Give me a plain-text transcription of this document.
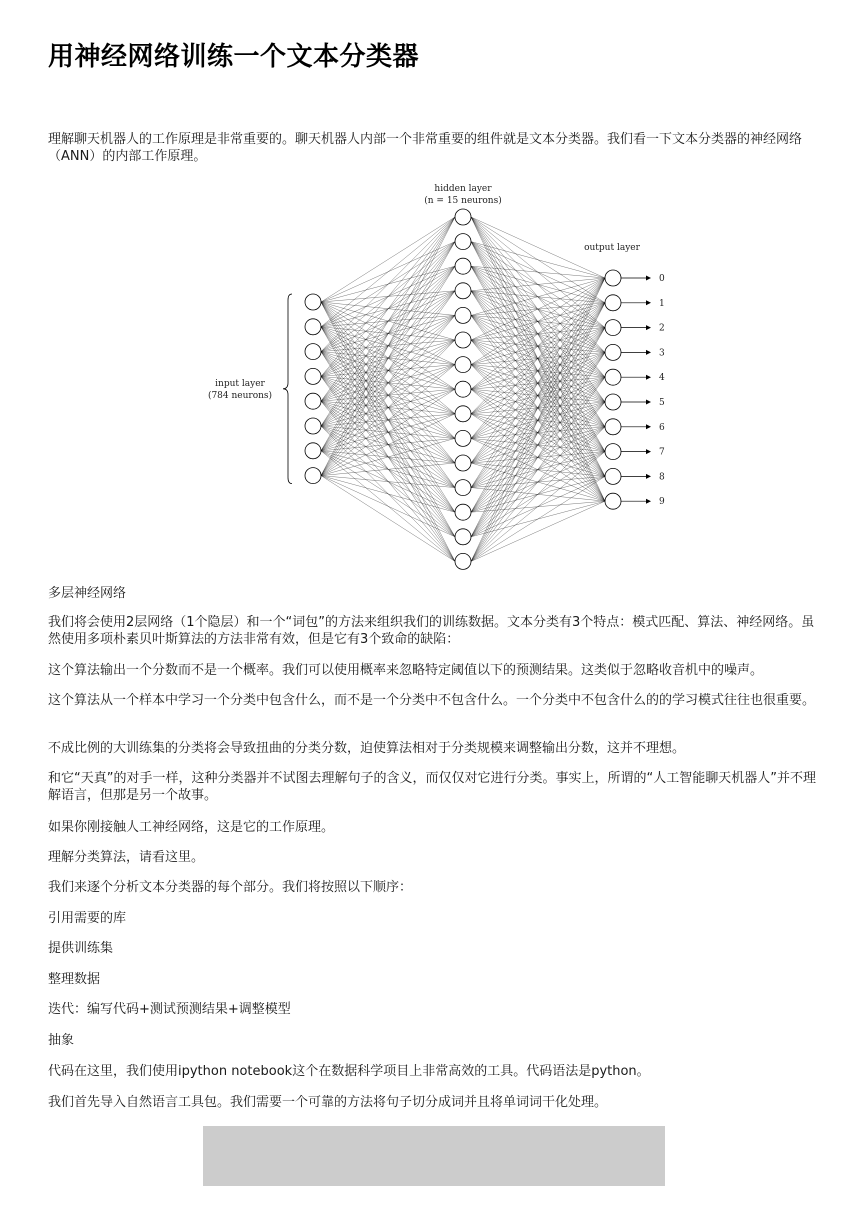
用神经网络训练一个文本分类器

理解聊天机器人的工作原理是非常重要的。聊天机器人内部一个非常重要的组件就是文本分类器。我们看一下文本分类器的神经网络（ANN）的内部工作原理。

hidden layer
(n = 15 neurons)
output layer
input layer
(784 neurons)
0
1
2
3
4
5
6
7
8
9

多层神经网络

我们将会使用2层网络（1个隐层）和一个“词包”的方法来组织我们的训练数据。文本分类有3个特点：模式匹配、算法、神经网络。虽然使用多项朴素贝叶斯算法的方法非常有效，但是它有3个致命的缺陷：

这个算法输出一个分数而不是一个概率。我们可以使用概率来忽略特定阈值以下的预测结果。这类似于忽略收音机中的噪声。

这个算法从一个样本中学习一个分类中包含什么，而不是一个分类中不包含什么。一个分类中不包含什么的的学习模式往往也很重要。

不成比例的大训练集的分类将会导致扭曲的分类分数，迫使算法相对于分类规模来调整输出分数，这并不理想。

和它“天真”的对手一样，这种分类器并不试图去理解句子的含义，而仅仅对它进行分类。事实上，所谓的“人工智能聊天机器人”并不理解语言，但那是另一个故事。

如果你刚接触人工神经网络，这是它的工作原理。

理解分类算法，请看这里。

我们来逐个分析文本分类器的每个部分。我们将按照以下顺序：

引用需要的库

提供训练集

整理数据

迭代：编写代码+测试预测结果+调整模型

抽象

代码在这里，我们使用ipython notebook这个在数据科学项目上非常高效的工具。代码语法是python。

我们首先导入自然语言工具包。我们需要一个可靠的方法将句子切分成词并且将单词词干化处理。
